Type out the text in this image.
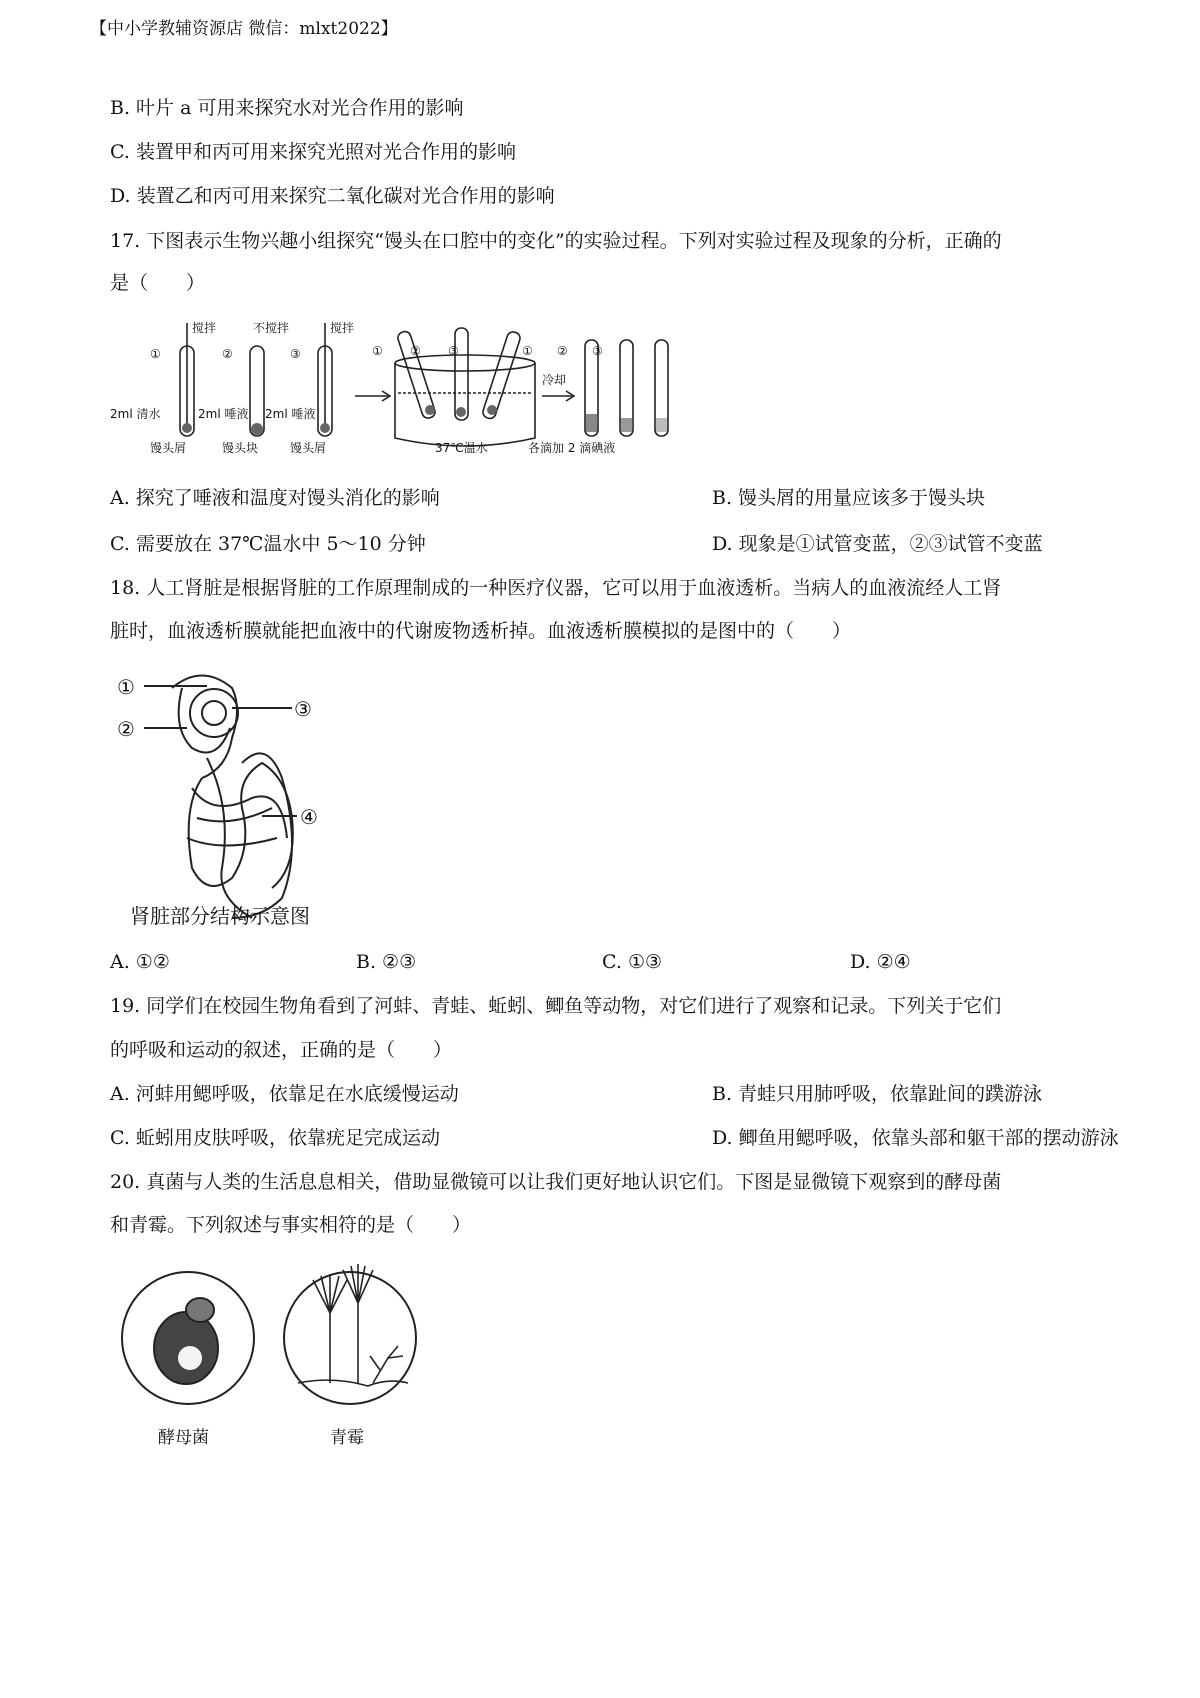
【中小学教辅资源店 微信：mlxt2022】
B. 叶片 a 可用来探究水对光合作用的影响
C. 装置甲和丙可用来探究光照对光合作用的影响
D. 装置乙和丙可用来探究二氧化碳对光合作用的影响
17. 下图表示生物兴趣小组探究“馒头在口腔中的变化”的实验过程。下列对实验过程及现象的分析，正确的
是（　　）
①	②	③
搅拌	不搅拌	搅拌
2ml 清水	2ml 唾液 2ml 唾液
馒头屑	馒头块	馒头屑
① ② ③
37℃温水
冷却
① ② ③
各滴加 2 滴碘液
A. 探究了唾液和温度对馒头消化的影响	B. 馒头屑的用量应该多于馒头块
C. 需要放在 37℃温水中 5～10 分钟	D. 现象是①试管变蓝，②③试管不变蓝
18. 人工肾脏是根据肾脏的工作原理制成的一种医疗仪器，它可以用于血液透析。当病人的血液流经人工肾
脏时，血液透析膜就能把血液中的代谢废物透析掉。血液透析膜模拟的是图中的（　　）
①
②
③
④
肾脏部分结构示意图
A. ①②	B. ②③	C. ①③	D. ②④
19. 同学们在校园生物角看到了河蚌、青蛙、蚯蚓、鲫鱼等动物，对它们进行了观察和记录。下列关于它们
的呼吸和运动的叙述，正确的是（　　）
A. 河蚌用鳃呼吸，依靠足在水底缓慢运动	B. 青蛙只用肺呼吸，依靠趾间的蹼游泳
C. 蚯蚓用皮肤呼吸，依靠疣足完成运动	D. 鲫鱼用鳃呼吸，依靠头部和躯干部的摆动游泳
20. 真菌与人类的生活息息相关，借助显微镜可以让我们更好地认识它们。下图是显微镜下观察到的酵母菌
和青霉。下列叙述与事实相符的是（　　）
酵母菌	青霉
